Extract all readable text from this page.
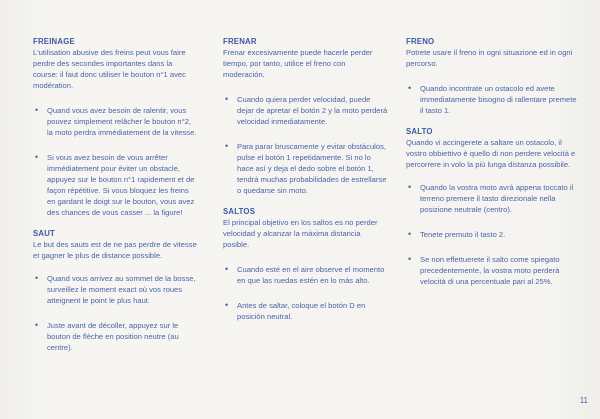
FREINAGE
L'utilisation abusive des freins peut vous faire perdre des secondes importantes dans la course: il faut donc utiliser le bouton n°1 avec modération.
• Quand vous avez besoin de ralentir, vous pouvez simplement relâcher le bouton n°2, la moto perdra immédiatement de la vitesse.
• Si vous avez besoin de vous arrêter immédiatement pour éviter un obstacle, appuyez sur le bouton n°1 rapidement et de façon répétitive. Si vous bloquez les freins en gardant le doigt sur le bouton, vous avez des chances de vous casser ... la figure!
SAUT
Le but des sauts est de ne pas perdre de vitesse et gagner le plus de distance possible.
• Quand vous arrivez au sommet de la bosse, surveillez le moment exact où vos roues atteignent le point le plus haut.
• Juste avant de décoller, appuyez sur le bouton de flèche en position neutre (au centre).
FRENAR
Frenar excesivamente puede hacerle perder tiempo, por tanto, utilice el freno con moderación.
• Cuando quiera perder velocidad, puede dejar de apretar el botón 2 y la moto perderá velocidad inmediatamente.
• Para parar bruscamente y evitar obstáculos, pulse el botón 1 repetidamente. Si no lo hace así y deja el dedo sobre el botón 1, tendrá muchas probabilidades de estrellarse o quedarse sin moto.
SALTOS
El principal objetivo en los saltos es no perder velocidad y alcanzar la máxima distancia posible.
• Cuando esté en el aire observe el momento en que las ruedas estén en lo más alto.
• Antes de saltar, coloque el botón D en posición neutral.
FRENO
Potrete usare il freno in ogni situazione ed in ogni percorso.
• Quando incontrate un ostacolo ed avete immediatamente bisogno di rallentare premete il tasto 1.
SALTO
Quando vi accingerete a saltare un ostacolo, il vostro obbiettivo è quello di non perdere velocità e percorrere in volo la più lunga distanza possibile.
• Quando la vostra moto avrà appena toccato il terreno premere il tasto direzionale nella posizione neutrale (centro).
• Tenete premuto il tasto 2.
• Se non effettuerete il salto come spiegato precedentemente, la vostra moto perderà velocità di una percentuale pari al 25%.
11
